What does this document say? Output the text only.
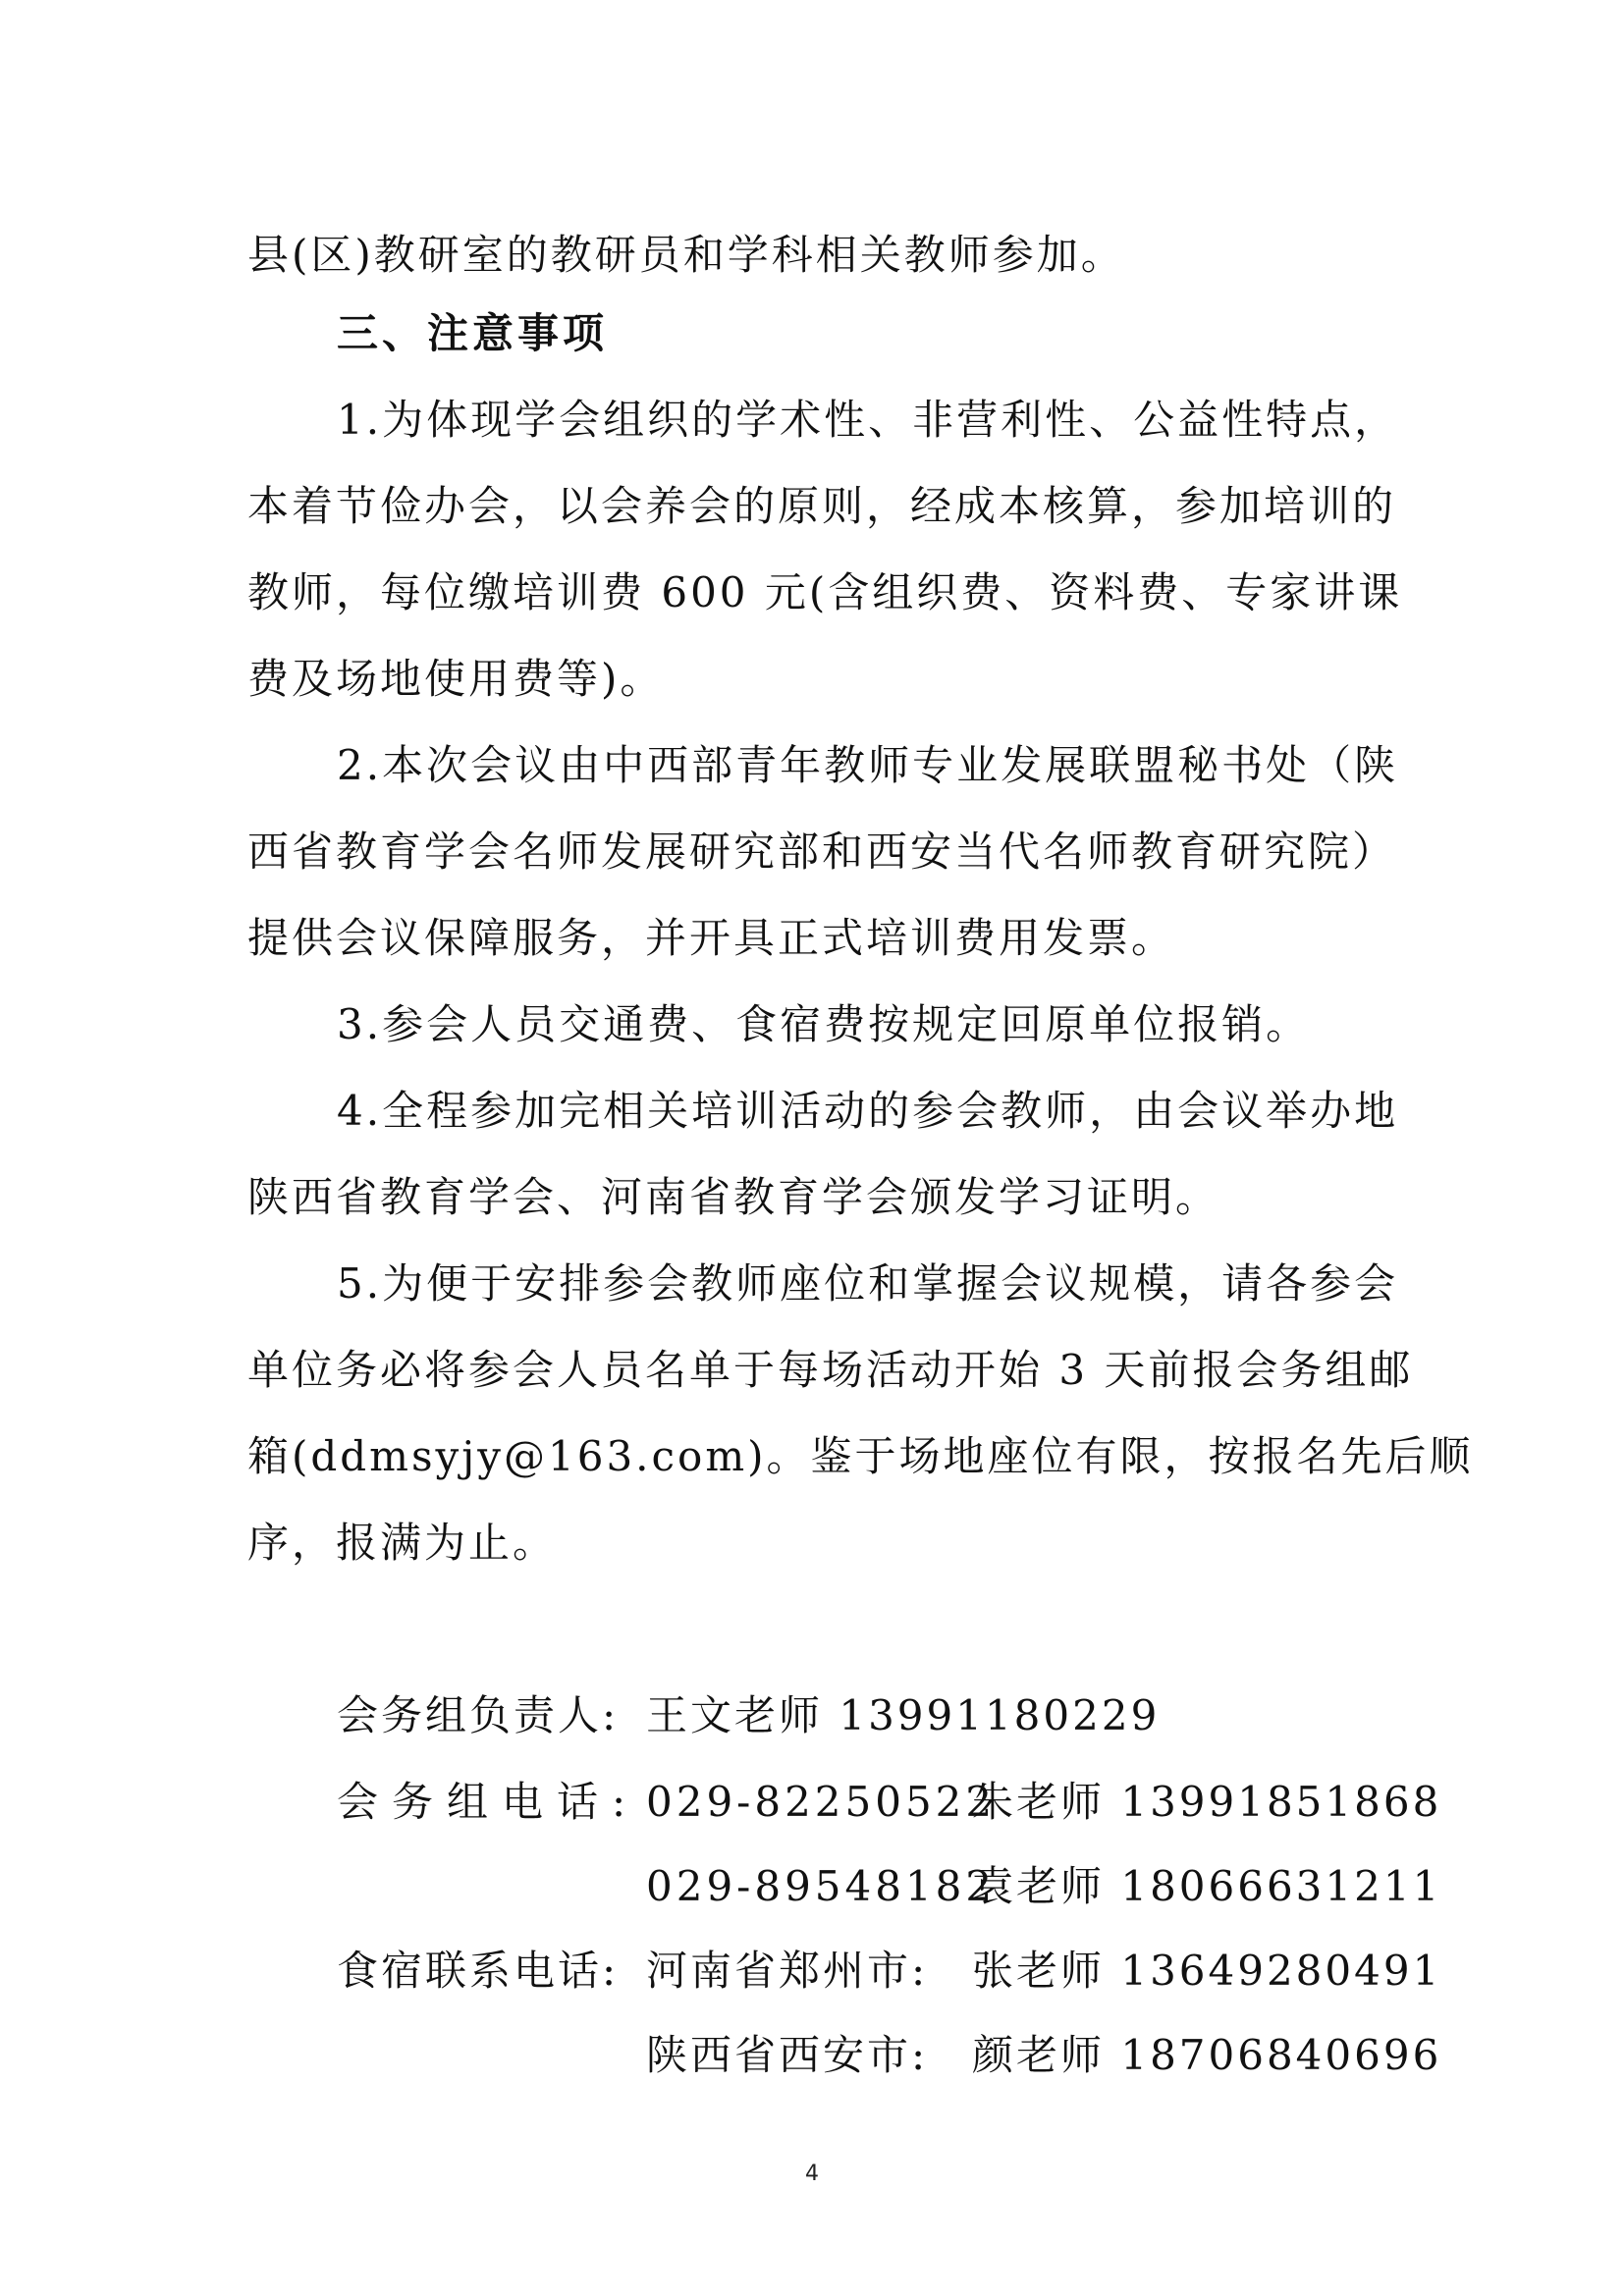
县(区)教研室的教研员和学科相关教师参加。
三、注意事项
1.为体现学会组织的学术性、非营利性、公益性特点，
本着节俭办会，以会养会的原则，经成本核算，参加培训的
教师，每位缴培训费 600 元(含组织费、资料费、专家讲课
费及场地使用费等)。
2.本次会议由中西部青年教师专业发展联盟秘书处（陕
西省教育学会名师发展研究部和西安当代名师教育研究院）
提供会议保障服务，并开具正式培训费用发票。
3.参会人员交通费、食宿费按规定回原单位报销。
4.全程参加完相关培训活动的参会教师，由会议举办地
陕西省教育学会、河南省教育学会颁发学习证明。
5.为便于安排参会教师座位和掌握会议规模，请各参会
单位务必将参会人员名单于每场活动开始 3 天前报会务组邮
箱(ddmsyjy@163.com)。鉴于场地座位有限，按报名先后顺
序，报满为止。
会务组负责人: 王文老师 13991180229
会务组电话: 029-82250522
朱老师 13991851868
029-89548182
袁老师 18066631211
食宿联系电话: 河南省郑州市: 张老师 13649280491
陕西省西安市: 颜老师 18706840696
4
